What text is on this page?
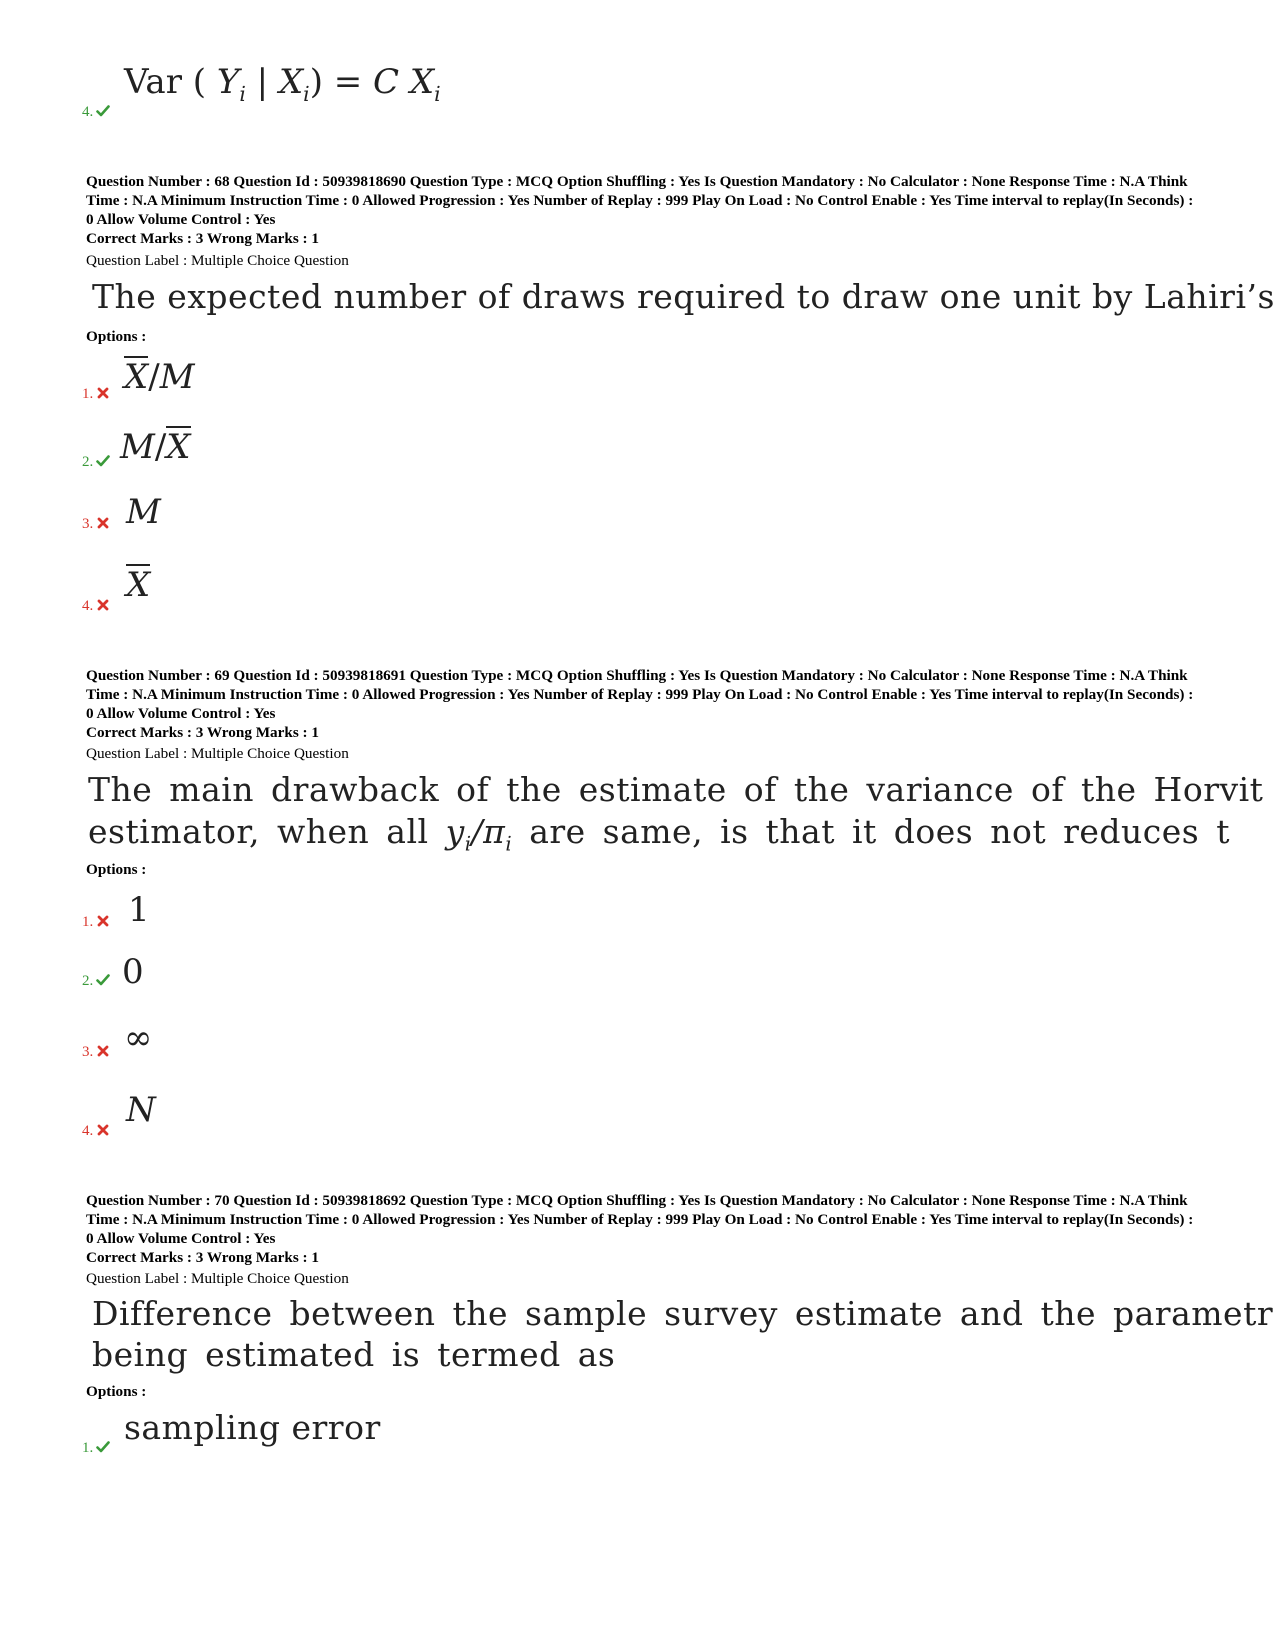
Var ( $Y_i$ | $X_i) = C$ $X_i$
4.
Question Number : 68 Question Id : 50939818690 Question Type : MCQ Option Shuffling : Yes Is Question Mandatory : No Calculator : None Response Time : N.A Think Time : N.A Minimum Instruction Time : 0 Allowed Progression : Yes Number of Replay : 999 Play On Load : No Control Enable : Yes Time interval to replay(In Seconds) : 0 Allow Volume Control : Yes
Correct Marks : 3 Wrong Marks : 1
Question Label : Multiple Choice Question
The expected number of draws required to draw one unit by Lahiri’s
Options :
X/M
1.
M/X
2.
M
3.
X
4.
Question Number : 69 Question Id : 50939818691 Question Type : MCQ Option Shuffling : Yes Is Question Mandatory : No Calculator : None Response Time : N.A Think Time : N.A Minimum Instruction Time : 0 Allowed Progression : Yes Number of Replay : 999 Play On Load : No Control Enable : Yes Time interval to replay(In Seconds) : 0 Allow Volume Control : Yes
Correct Marks : 3 Wrong Marks : 1
Question Label : Multiple Choice Question
The main drawback of the estimate of the variance of the Horvit
estimator, when all $y_i/\pi_i$ are same, is that it does not reduces t
Options :
1
1.
0
2.
∞
3.
N
4.
Question Number : 70 Question Id : 50939818692 Question Type : MCQ Option Shuffling : Yes Is Question Mandatory : No Calculator : None Response Time : N.A Think Time : N.A Minimum Instruction Time : 0 Allowed Progression : Yes Number of Replay : 999 Play On Load : No Control Enable : Yes Time interval to replay(In Seconds) : 0 Allow Volume Control : Yes
Correct Marks : 3 Wrong Marks : 1
Question Label : Multiple Choice Question
Difference between the sample survey estimate and the parametr
being estimated is termed as
Options :
sampling error
1.
